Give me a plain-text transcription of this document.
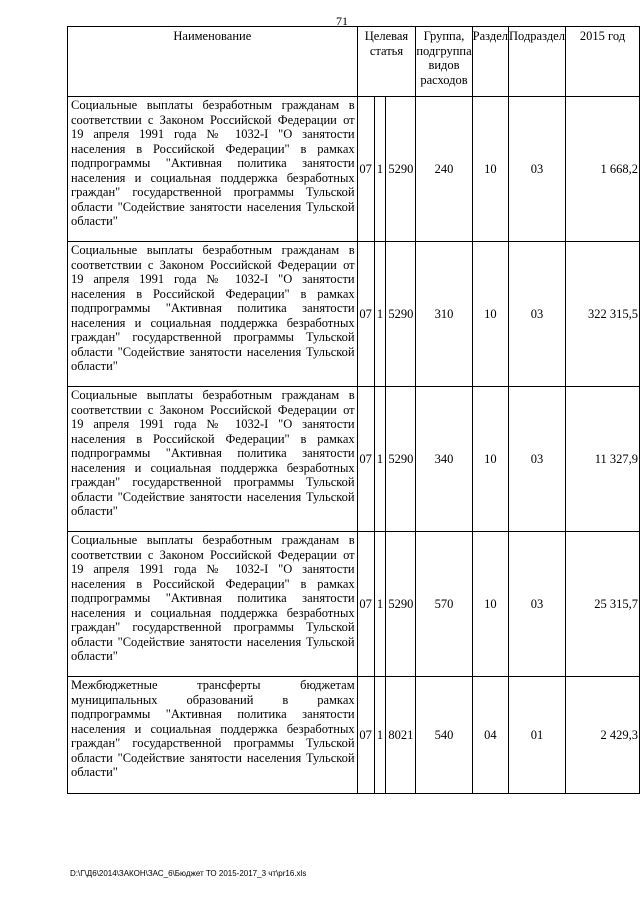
71
Наименование	Целевая статья			Группа, подгруппа видов расходов	Раздел	Подраздел	2015 год
Социальные выплаты безработным гражданам в соответствии с Законом Российской Федерации от 19 апреля 1991 года № 1032-I "О занятости населения в Российской Федерации" в рамках подпрограммы "Активная политика занятости населения и социальная поддержка безработных граждан" государственной программы Тульской области "Содействие занятости населения Тульской области"	07	1	5290	240	10	03	1 668,2
Социальные выплаты безработным гражданам в соответствии с Законом Российской Федерации от 19 апреля 1991 года № 1032-I "О занятости населения в Российской Федерации" в рамках подпрограммы "Активная политика занятости населения и социальная поддержка безработных граждан" государственной программы Тульской области "Содействие занятости населения Тульской области"	07	1	5290	310	10	03	322 315,5
Социальные выплаты безработным гражданам в соответствии с Законом Российской Федерации от 19 апреля 1991 года № 1032-I "О занятости населения в Российской Федерации" в рамках подпрограммы "Активная политика занятости населения и социальная поддержка безработных граждан" государственной программы Тульской области "Содействие занятости населения Тульской области"	07	1	5290	340	10	03	11 327,9
Социальные выплаты безработным гражданам в соответствии с Законом Российской Федерации от 19 апреля 1991 года № 1032-I "О занятости населения в Российской Федерации" в рамках подпрограммы "Активная политика занятости населения и социальная поддержка безработных граждан" государственной программы Тульской области "Содействие занятости населения Тульской области"	07	1	5290	570	10	03	25 315,7
Межбюджетные трансферты бюджетам муниципальных образований в рамках подпрограммы "Активная политика занятости населения и социальная поддержка безработных граждан" государственной программы Тульской области "Содействие занятости населения Тульской области"	07	1	8021	540	04	01	2 429,3
D:\Г\Д6\2014\ЗАКОН\ЗАС_6\Бюджет ТО 2015-2017_3 чт\pr16.xls
